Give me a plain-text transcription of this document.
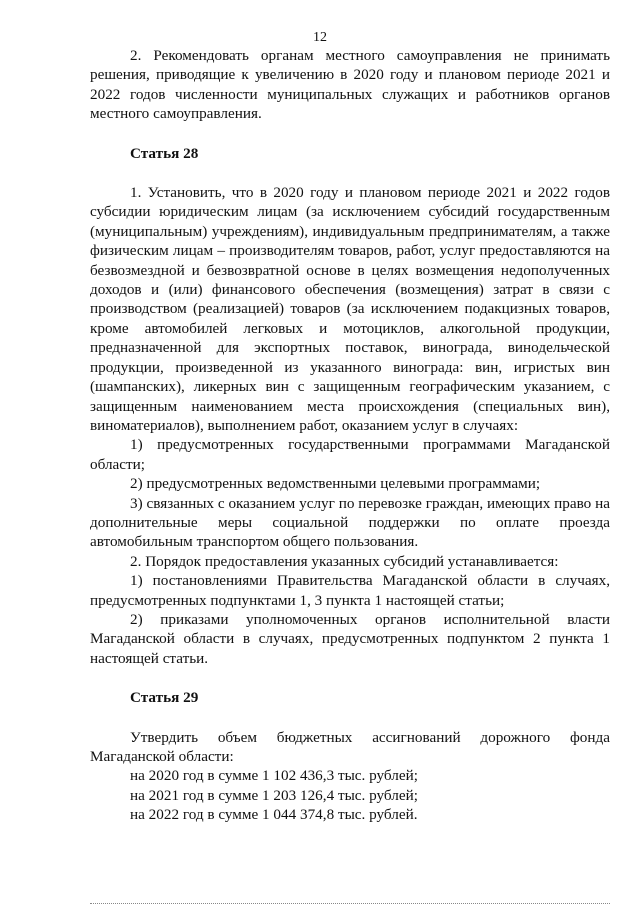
12

2. Рекомендовать органам местного самоуправления не принимать решения, приводящие к увеличению в 2020 году и плановом периоде 2021 и 2022 годов численности муниципальных служащих и работников органов местного самоуправления.

Статья 28

1. Установить, что в 2020 году и плановом периоде 2021 и 2022 годов субсидии юридическим лицам (за исключением субсидий государственным (муниципальным) учреждениям), индивидуальным предпринимателям, а также физическим лицам – производителям товаров, работ, услуг предоставляются на безвозмездной и безвозвратной основе в целях возмещения недополученных доходов и (или) финансового обеспечения (возмещения) затрат в связи с производством (реализацией) товаров (за исключением подакцизных товаров, кроме автомобилей легковых и мотоциклов, алкогольной продукции, предназначенной для экспортных поставок, винограда, винодельческой продукции, произведенной из указанного винограда: вин, игристых вин (шампанских), ликерных вин с защищенным географическим указанием, с защищенным наименованием места происхождения (специальных вин), виноматериалов), выполнением работ, оказанием услуг в случаях:

1) предусмотренных государственными программами Магаданской области;

2) предусмотренных ведомственными целевыми программами;

3) связанных с оказанием услуг по перевозке граждан, имеющих право на дополнительные меры социальной поддержки по оплате проезда автомобильным транспортом общего пользования.

2. Порядок предоставления указанных субсидий устанавливается:

1) постановлениями Правительства Магаданской области в случаях, предусмотренных подпунктами 1, 3 пункта 1 настоящей статьи;

2) приказами уполномоченных органов исполнительной власти Магаданской области в случаях, предусмотренных подпунктом 2 пункта 1 настоящей статьи.

Статья 29

Утвердить объем бюджетных ассигнований дорожного фонда Магаданской области:

на 2020 год в сумме 1 102 436,3 тыс. рублей;

на 2021 год в сумме 1 203 126,4 тыс. рублей;

на 2022 год в сумме 1 044 374,8 тыс. рублей.
